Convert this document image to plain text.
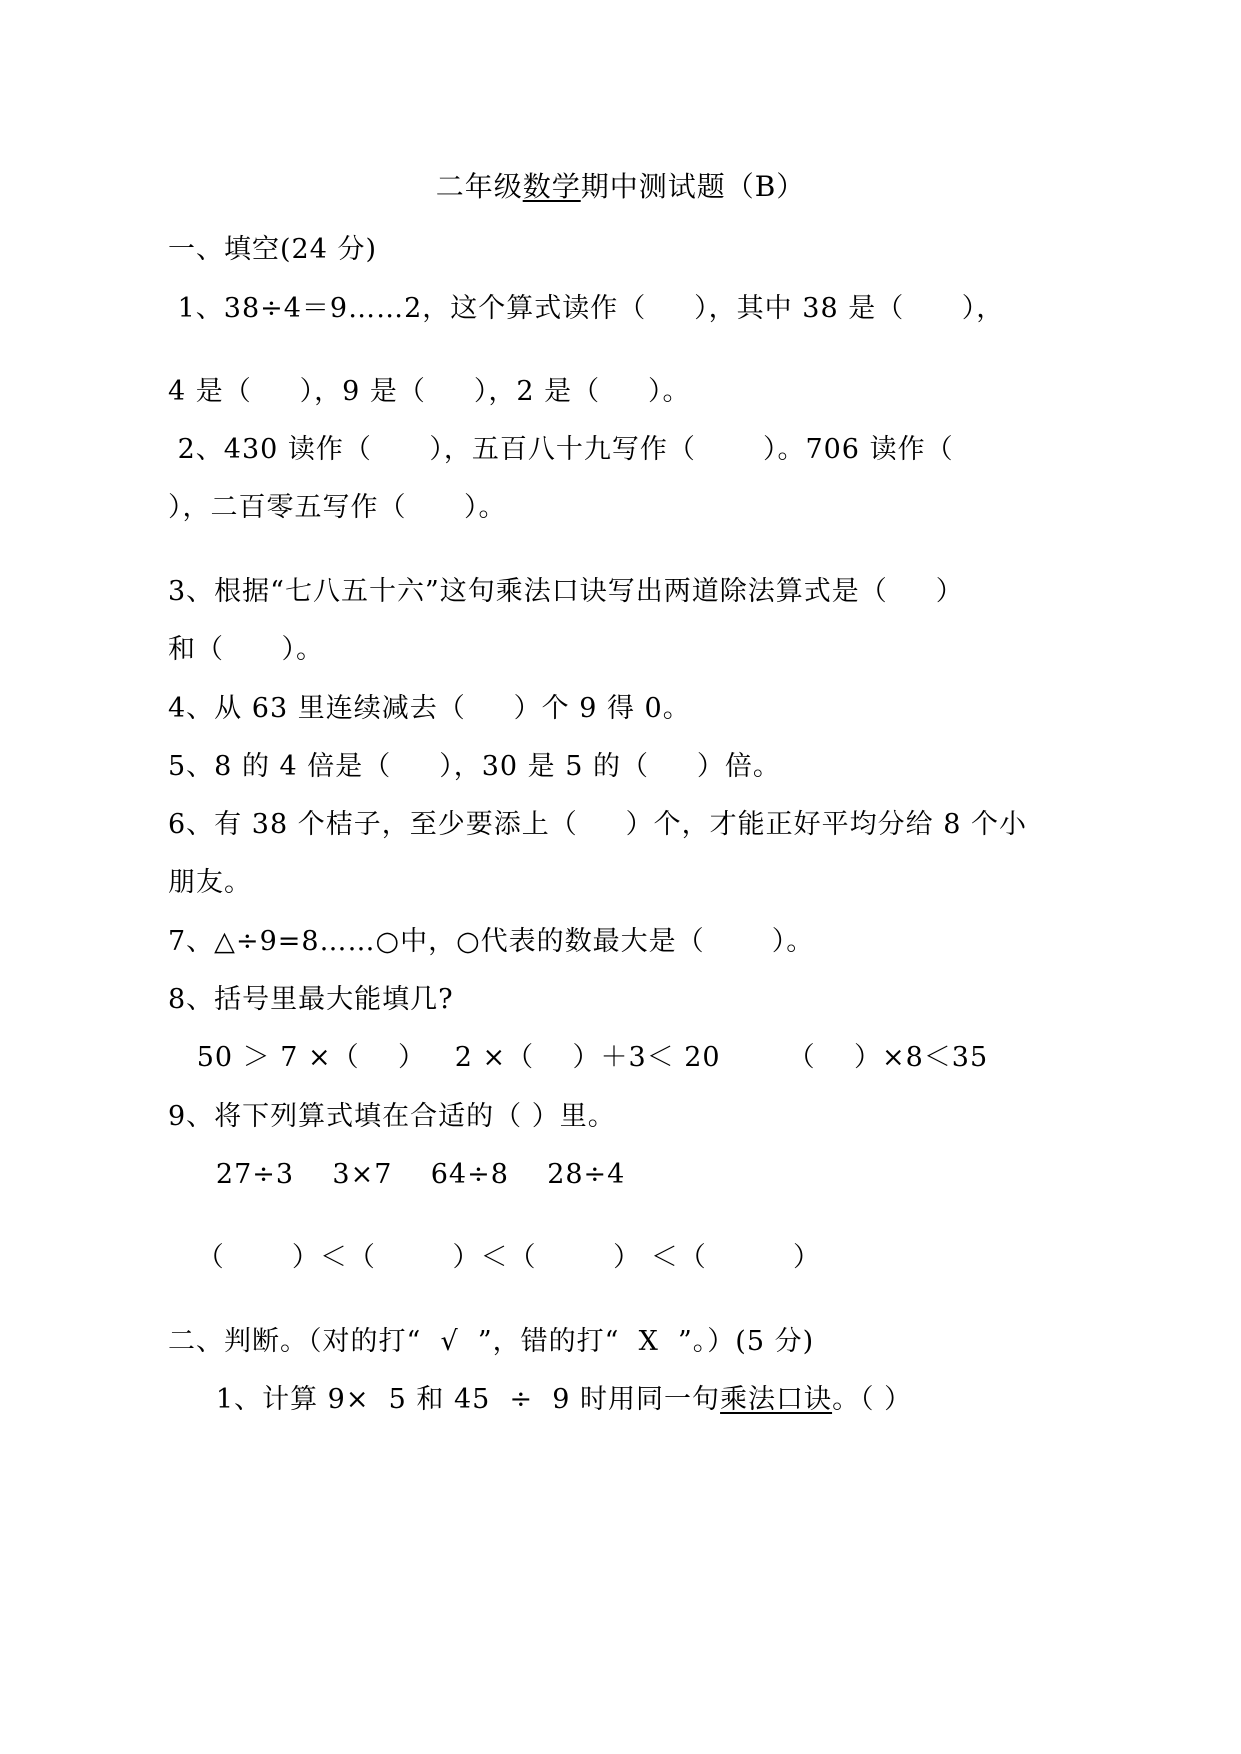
二年级数学期中测试题（B）
一、填空(24 分)
1、38÷4＝9……2，这个算式读作（     ），其中 38 是（      ），
4 是（     ），9 是（     ），2 是（     ）。
2、430 读作（      ），五百八十九写作（       ）。706 读作（
），二百零五写作（      ）。
3、根据“七八五十六”这句乘法口诀写出两道除法算式是（     ）
和（      ）。
4、从 63 里连续减去（     ）个 9 得 0。
5、8 的 4 倍是（     ），30 是 5 的（     ）倍。
6、有 38 个桔子，至少要添上（     ）个，才能正好平均分给 8 个小
朋友。
7、△÷9=8……○中，○代表的数最大是（       ）。
8、括号里最大能填几?
50 ＞ 7 ×（    ）   2 ×（    ）＋3＜ 20       （    ）×8＜35
9、将下列算式填在合适的（ ）里。
27÷3    3×7    64÷8    28÷4
（       ）＜（        ）＜（        ） ＜（         ）
二、判断。（对的打“  √  ”，错的打“  X  ”。）(5 分)
1、计算 9×  5 和 45  ÷  9 时用同一句乘法口诀。（ ）
